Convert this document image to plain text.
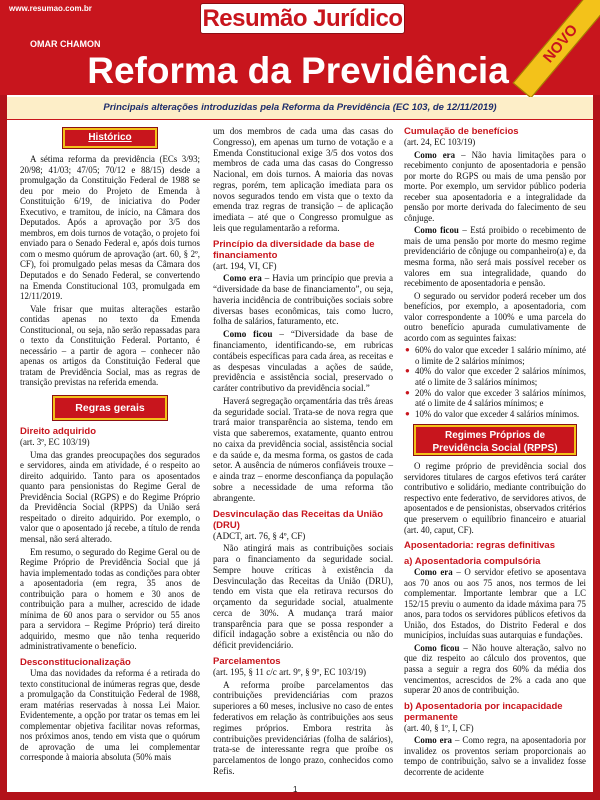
www.resumao.com.br	Resumão Jurídico
OMAR CHAMON
Reforma da Previdência
NOVO
Principais alterações introduzidas pela Reforma da Previdência (EC 103, de 12/11/2019)
Histórico

A sétima reforma da previdência (ECs 3/93; 20/98; 41/03; 47/05; 70/12 e 88/15) desde a promulgação da Constituição Federal de 1988 se deu por meio do Projeto de Emenda à Constituição 6/19, de iniciativa do Poder Executivo, e tramitou, de início, na Câmara dos Deputados. Após a aprovação por 3/5 dos membros, em dois turnos de votação, o projeto foi enviado para o Senado Federal e, após dois turnos com o mesmo quórum de aprovação (art. 60, § 2º, CF), foi promulgado pelas mesas da Câmara dos Deputados e do Senado Federal, se convertendo na Emenda Constitucional 103, promulgada em 12/11/2019.

Vale frisar que muitas alterações estarão contidas apenas no texto da Emenda Constitucional, ou seja, não serão repassadas para o texto da Constituição Federal. Portanto, é necessário – a partir de agora – conhecer não apenas os artigos da Constituição Federal que tratam de Previdência Social, mas as regras de transição previstas na referida emenda.

Regras gerais
Direito adquirido

(art. 3º, EC 103/19)

Uma das grandes preocupações dos segurados e servidores, ainda em atividade, é o respeito ao direito adquirido. Tanto para os aposentados quanto para pensionistas do Regime Geral de Previdência Social (RGPS) e do Regime Próprio da Previdência Social (RPPS) da União será respeitado o direito adquirido. Por exemplo, o valor que o aposentado já recebe, a título de renda mensal, não será alterado.

Em resumo, o segurado do Regime Geral ou de Regime Próprio de Previdência Social que já havia implementado todas as condições para obter a aposentadoria (em regra, 35 anos de contribuição para o homem e 30 anos de contribuição para a mulher, acrescido de idade mínima de 60 anos para o servidor ou 55 anos para a servidora – Regime Próprio) terá direito adquirido, mesmo que não tenha requerido administrativamente o benefício.

Desconstitucionalização

Uma das novidades da reforma é a retirada do texto constitucional de inúmeras regras que, desde a promulgação da Constituição Federal de 1988, eram matérias reservadas à nossa Lei Maior. Evidentemente, a opção por tratar os temas em lei complementar objetiva facilitar novas reformas, nos próximos anos, tendo em vista que o quórum de aprovação de uma lei complementar corresponde à maioria absoluta (50% mais

um dos membros de cada uma das casas do Congresso), em apenas um turno de votação e a Emenda Constitucional exige 3/5 dos votos dos membros de cada uma das casas do Congresso Nacional, em dois turnos. A maioria das novas regras, porém, tem aplicação imediata para os novos segurados tendo em vista que o texto da emenda traz regras de transição – de aplicação imediata – até que o Congresso promulgue as leis que regulamentarão a reforma.

Princípio da diversidade da base de financiamento

(art. 194, VI, CF)

Como era – Havia um princípio que previa a “diversidade da base de financiamento”, ou seja, haveria incidência de contribuições sociais sobre diversas bases econômicas, tais como lucro, folha de salários, faturamento, etc.

Como ficou – “Diversidade da base de financiamento, identificando-se, em rubricas contábeis específicas para cada área, as receitas e as despesas vinculadas a ações de saúde, previdência e assistência social, preservado o caráter contributivo da previdência social.”

Haverá segregação orçamentária das três áreas da seguridade social. Trata-se de nova regra que trará maior transparência ao sistema, tendo em vista que saberemos, exatamente, quanto entrou no caixa da previdência social, assistência social e da saúde e, da mesma forma, os gastos de cada setor. A ausência de números confiáveis trouxe – e ainda traz – enorme desconfiança da população sobre a necessidade de uma reforma tão abrangente.

Desvinculação das Receitas da União (DRU)

(ADCT, art. 76, § 4º, CF)

Não atingirá mais as contribuições sociais para o financiamento da seguridade social. Sempre houve críticas à existência da Desvinculação das Receitas da União (DRU), tendo em vista que ela retirava recursos do orçamento da seguridade social, atualmente cerca de 30%. A mudança trará maior transparência para que se possa responder a difícil indagação sobre a existência ou não do déficit previdenciário.

Parcelamentos

(art. 195, § 11 c/c art. 9º, § 9º, EC 103/19)

A reforma proíbe parcelamentos das contribuições previdenciárias com prazos superiores a 60 meses, inclusive no caso de entes federativos em relação às contribuições aos seus regimes próprios. Embora restrita às contribuições previdenciárias (folha de salários), trata-se de interessante regra que proíbe os parcelamentos de longo prazo, conhecidos como Refis.

Cumulação de benefícios

(art. 24, EC 103/19)

Como era – Não havia limitações para o recebimento conjunto de aposentadoria e pensão por morte do RGPS ou mais de uma pensão por morte. Por exemplo, um servidor público poderia receber sua aposentadoria e a integralidade da pensão por morte derivada do falecimento de seu cônjuge.

Como ficou – Está proibido o recebimento de mais de uma pensão por morte do mesmo regime previdenciário de cônjuge ou companheiro(a) e, da mesma forma, não será mais possível receber os valores em sua integralidade, quando do recebimento de aposentadoria e pensão.

O segurado ou servidor poderá receber um dos benefícios, por exemplo, a aposentadoria, com valor correspondente a 100% e uma parcela do outro benefício apurada cumulativamente de acordo com as seguintes faixas:

● 60% do valor que exceder 1 salário mínimo, até o limite de 2 salários mínimos;
● 40% do valor que exceder 2 salários mínimos, até o limite de 3 salários mínimos;
● 20% do valor que exceder 3 salários mínimos, até o limite de 4 salários mínimos; e
● 10% do valor que exceder 4 salários mínimos.
Regimes Próprios de
Previdência Social (RPPS)

O regime próprio de previdência social dos servidores titulares de cargos efetivos terá caráter contributivo e solidário, mediante contribuição do respectivo ente federativo, de servidores ativos, de aposentados e de pensionistas, observados critérios que preservem o equilíbrio financeiro e atuarial (art. 40, caput, CF).

Aposentadoria: regras definitivas
a) Aposentadoria compulsória

Como era – O servidor efetivo se aposentava aos 70 anos ou aos 75 anos, nos termos de lei complementar. Importante lembrar que a LC 152/15 previu o aumento da idade máxima para 75 anos, para todos os servidores públicos efetivos da União, dos Estados, do Distrito Federal e dos municípios, incluídas suas autarquias e fundações.

Como ficou – Não houve alteração, salvo no que diz respeito ao cálculo dos proventos, que passa a seguir a regra dos 60% da média dos vencimentos, acrescidos de 2% a cada ano que superar 20 anos de contribuição.

b) Aposentadoria por incapacidade permanente

(art. 40, § 1º, I, CF)

Como era – Como regra, na aposentadoria por invalidez os proventos seriam proporcionais ao tempo de contribuição, salvo se a invalidez fosse decorrente de acidente

1
